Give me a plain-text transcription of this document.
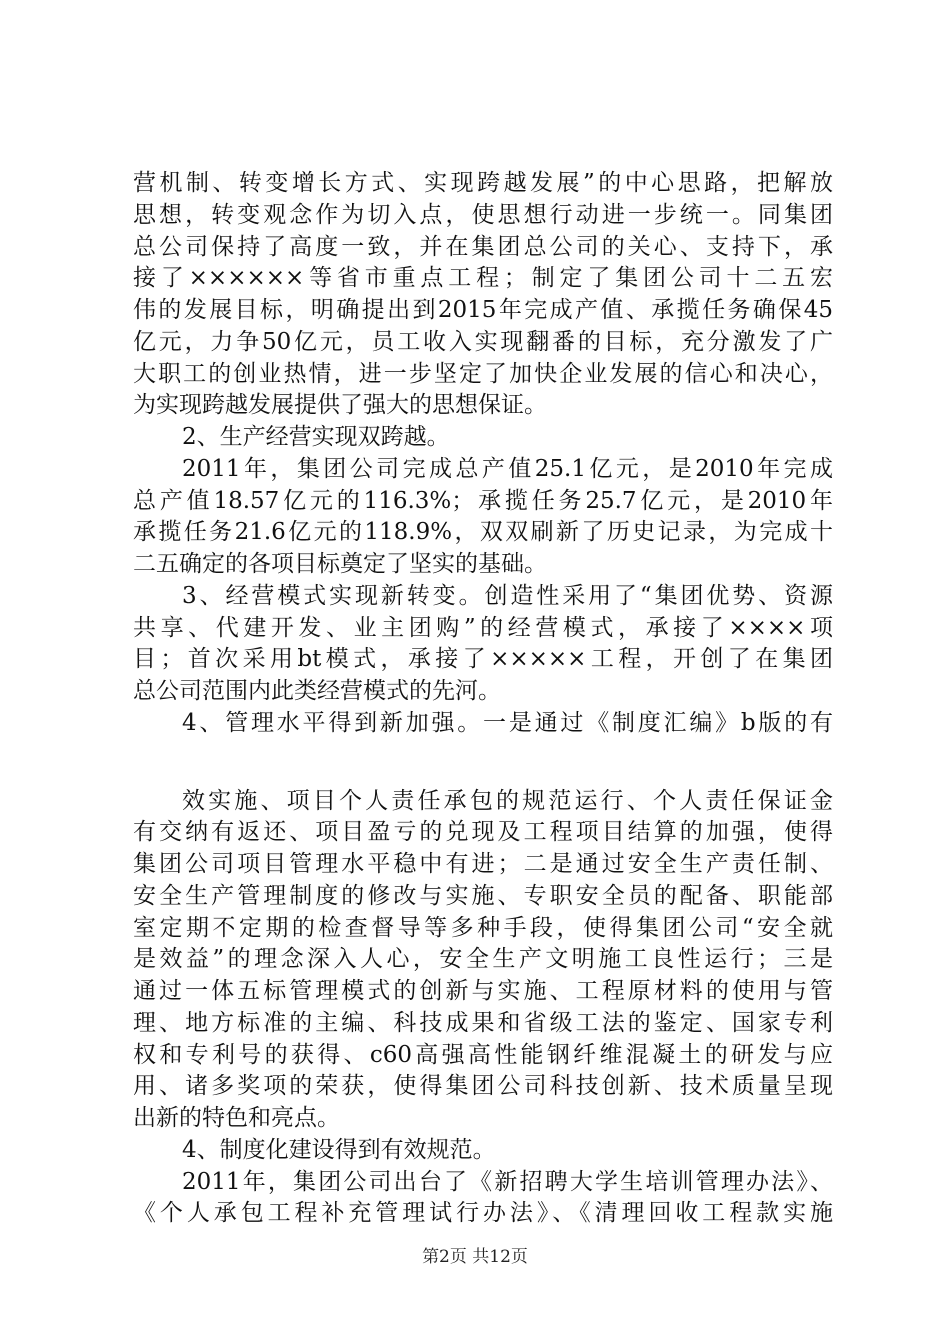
营机制、转变增长方式、实现跨越发展”的中心思路，把解放
思想，转变观念作为切入点，使思想行动进一步统一。同集团
总公司保持了高度一致，并在集团总公司的关心、支持下，承
接了××××××等省市重点工程；制定了集团公司十二五宏
伟的发展目标，明确提出到2015年完成产值、承揽任务确保45
亿元，力争50亿元，员工收入实现翻番的目标，充分激发了广
大职工的创业热情，进一步坚定了加快企业发展的信心和决心，
为实现跨越发展提供了强大的思想保证。
2、生产经营实现双跨越。
2011年，集团公司完成总产值25.1亿元，是2010年完成
总产值18.57亿元的116.3%；承揽任务25.7亿元，是2010年
承揽任务21.6亿元的118.9%，双双刷新了历史记录，为完成十
二五确定的各项目标奠定了坚实的基础。
3、经营模式实现新转变。创造性采用了“集团优势、资源
共享、代建开发、业主团购”的经营模式，承接了××××项
目；首次采用bt模式，承接了×××××工程，开创了在集团
总公司范围内此类经营模式的先河。
4、管理水平得到新加强。一是通过《制度汇编》b版的有
效实施、项目个人责任承包的规范运行、个人责任保证金
有交纳有返还、项目盈亏的兑现及工程项目结算的加强，使得
集团公司项目管理水平稳中有进；二是通过安全生产责任制、
安全生产管理制度的修改与实施、专职安全员的配备、职能部
室定期不定期的检查督导等多种手段，使得集团公司“安全就
是效益”的理念深入人心，安全生产文明施工良性运行；三是
通过一体五标管理模式的创新与实施、工程原材料的使用与管
理、地方标准的主编、科技成果和省级工法的鉴定、国家专利
权和专利号的获得、c60高强高性能钢纤维混凝土的研发与应
用、诸多奖项的荣获，使得集团公司科技创新、技术质量呈现
出新的特色和亮点。
4、制度化建设得到有效规范。
2011年，集团公司出台了《新招聘大学生培训管理办法》、
《个人承包工程补充管理试行办法》、《清理回收工程款实施
第2页 共12页
